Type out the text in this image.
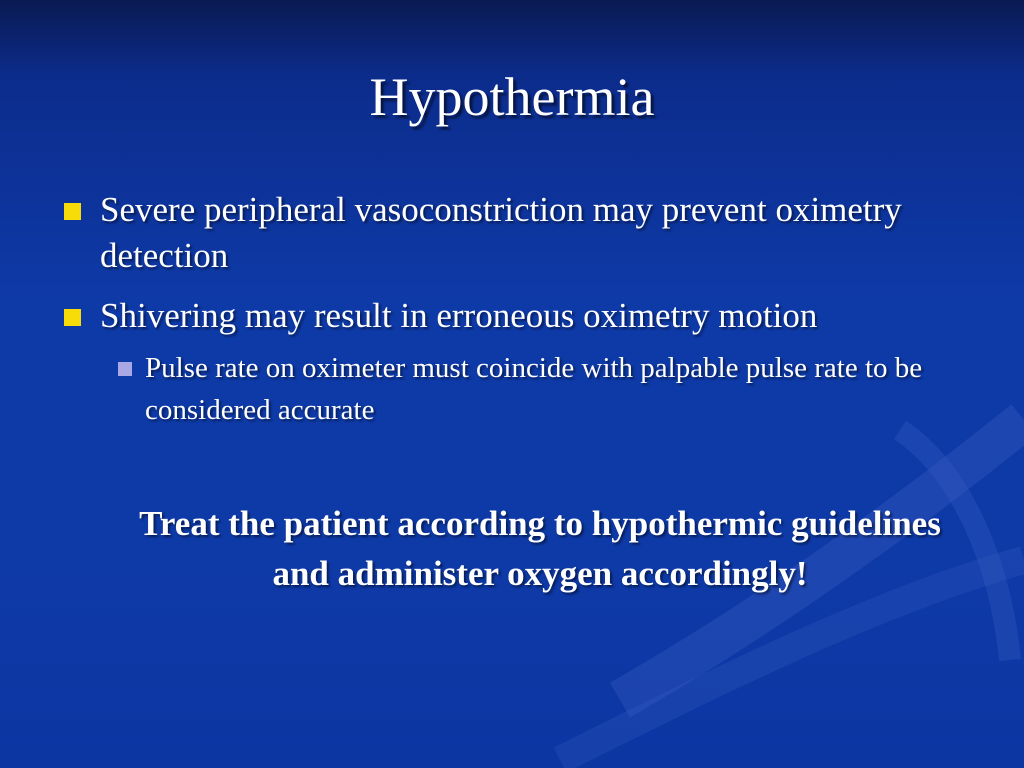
Hypothermia
Severe peripheral vasoconstriction may prevent oximetry detection
Shivering may result in erroneous oximetry motion
Pulse rate on oximeter must coincide with palpable pulse rate to be considered accurate
Treat the patient according to hypothermic guidelines and administer oxygen accordingly!
